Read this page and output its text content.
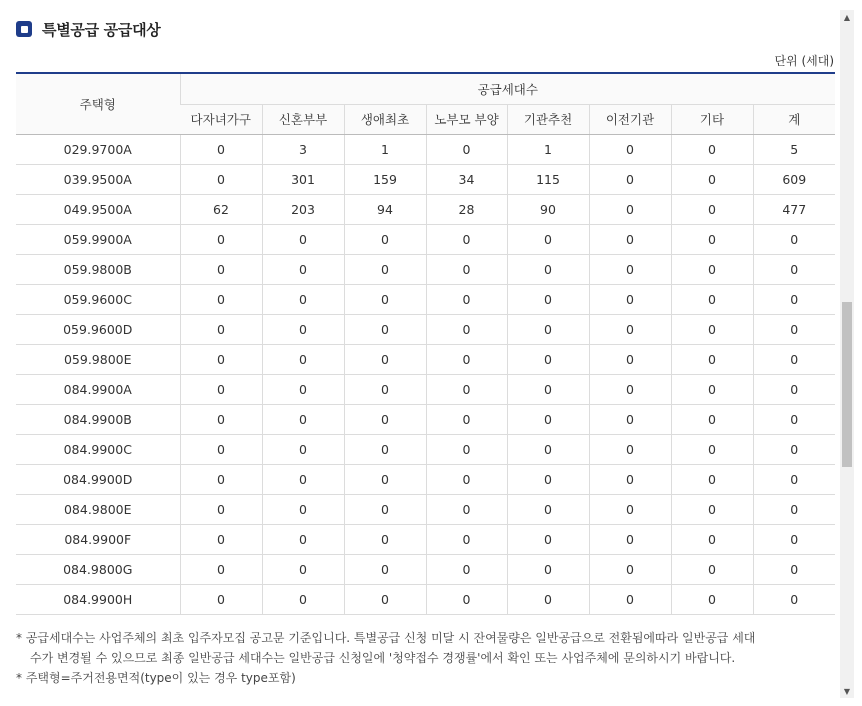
특별공급 공급대상
단위 (세대)
주택형	공급세대수							
	다자녀가구	신혼부부	생애최초	노부모 부양	기관추천	이전기관	기타	계
029.9700A	0	3	1	0	1	0	0	5
039.9500A	0	301	159	34	115	0	0	609
049.9500A	62	203	94	28	90	0	0	477
059.9900A	0	0	0	0	0	0	0	0
059.9800B	0	0	0	0	0	0	0	0
059.9600C	0	0	0	0	0	0	0	0
059.9600D	0	0	0	0	0	0	0	0
059.9800E	0	0	0	0	0	0	0	0
084.9900A	0	0	0	0	0	0	0	0
084.9900B	0	0	0	0	0	0	0	0
084.9900C	0	0	0	0	0	0	0	0
084.9900D	0	0	0	0	0	0	0	0
084.9800E	0	0	0	0	0	0	0	0
084.9900F	0	0	0	0	0	0	0	0
084.9800G	0	0	0	0	0	0	0	0
084.9900H	0	0	0	0	0	0	0	0
* 공급세대수는 사업주체의 최초 입주자모집 공고문 기준입니다. 특별공급 신청 미달 시 잔여물량은 일반공급으로 전환됨에따라 일반공급 세대
수가 변경될 수 있으므로 최종 일반공급 세대수는 일반공급 신청일에 '청약접수 경쟁률'에서 확인 또는 사업주체에 문의하시기 바랍니다.
* 주택형=주거전용면적(type이 있는 경우 type포함)
▲
▼
